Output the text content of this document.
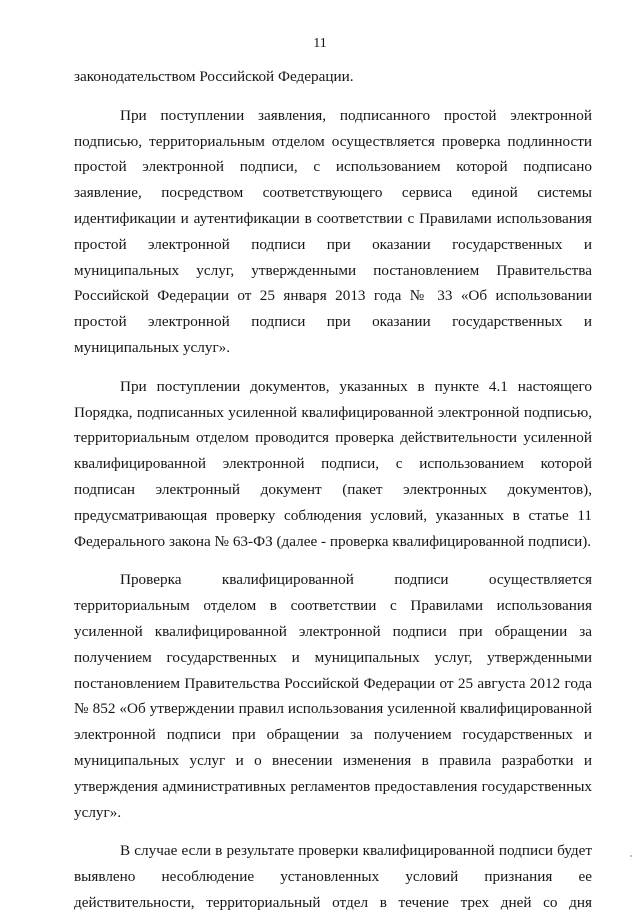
11

законодательством Российской Федерации.

При поступлении заявления, подписанного простой электронной подписью, территориальным отделом осуществляется проверка подлинности простой электронной подписи, с использованием которой подписано заявление, посредством соответствующего сервиса единой системы идентификации и аутентификации в соответствии с Правилами использования простой электронной подписи при оказании государственных и муниципальных услуг, утвержденными постановлением Правительства Российской Федерации от 25 января 2013 года № 33 «Об использовании простой электронной подписи при оказании государственных и муниципальных услуг».

При поступлении документов, указанных в пункте 4.1 настоящего Порядка, подписанных усиленной квалифицированной электронной подписью, территориальным отделом проводится проверка действительности усиленной квалифицированной электронной подписи, с использованием которой подписан электронный документ (пакет электронных документов), предусматривающая проверку соблюдения условий, указанных в статье 11 Федерального закона № 63-ФЗ (далее - проверка квалифицированной подписи).

Проверка квалифицированной подписи осуществляется территориальным отделом в соответствии с Правилами использования усиленной квалифицированной электронной подписи при обращении за получением государственных и муниципальных услуг, утвержденными постановлением Правительства Российской Федерации от 25 августа 2012 года № 852 «Об утверждении правил использования усиленной квалифицированной электронной подписи при обращении за получением государственных и муниципальных услуг и о внесении изменения в правила разработки и утверждения административных регламентов предоставления государственных услуг».

В случае если в результате проверки квалифицированной подписи будет выявлено несоблюдение установленных условий признания ее действительности, территориальный отдел в течение трех дней со дня
